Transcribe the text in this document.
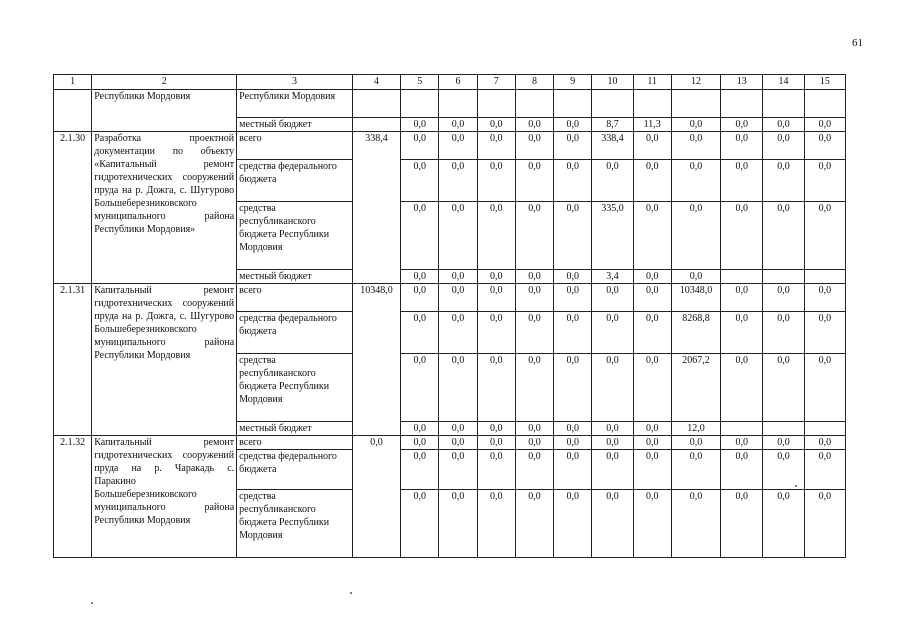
61
1	2	3	4	5	6	7	8	9	10	11	12	13	14	15
	Республики Мордовия	Республики Мордовия												
		местный бюджет		0,0	0,0	0,0	0,0	0,0	8,7	11,3	0,0	0,0	0,0	0,0
2.1.30	Разработка проектной документации по объекту «Капитальный ремонт гидротехнических сооружений пруда на р. Дожга, с. Шугурово Большеберезниковского муниципального района Республики Мордовия»	всего	338,4	0,0	0,0	0,0	0,0	0,0	338,4	0,0	0,0	0,0	0,0	0,0
		средства федерального бюджета		0,0	0,0	0,0	0,0	0,0	0,0	0,0	0,0	0,0	0,0	0,0
		средства республиканского бюджета Республики Мордовия		0,0	0,0	0,0	0,0	0,0	335,0	0,0	0,0	0,0	0,0	0,0
		местный бюджет		0,0	0,0	0,0	0,0	0,0	3,4	0,0	0,0			
2.1.31	Капитальный ремонт гидротехнических сооружений пруда на р. Дожга, с. Шугурово Большеберезниковского муниципального района Республики Мордовия	всего	10348,0	0,0	0,0	0,0	0,0	0,0	0,0	0,0	10348,0	0,0	0,0	0,0
		средства федерального бюджета		0,0	0,0	0,0	0,0	0,0	0,0	0,0	8268,8	0,0	0,0	0,0
		средства республиканского бюджета Республики Мордовия		0,0	0,0	0,0	0,0	0,0	0,0	0,0	2067,2	0,0	0,0	0,0
		местный бюджет		0,0	0,0	0,0	0,0	0,0	0,0	0,0	12,0			
2.1.32	Капитальный ремонт гидротехнических сооружений пруда на р. Чаракадь с. Паракино Большеберезниковского муниципального района Республики Мордовия	всего	0,0	0,0	0,0	0,0	0,0	0,0	0,0	0,0	0,0	0,0	0,0	0,0
		средства федерального бюджета		0,0	0,0	0,0	0,0	0,0	0,0	0,0	0,0	0,0	0,0	0,0
		средства республиканского бюджета Республики Мордовия		0,0	0,0	0,0	0,0	0,0	0,0	0,0	0,0	0,0	0,0	0,0
